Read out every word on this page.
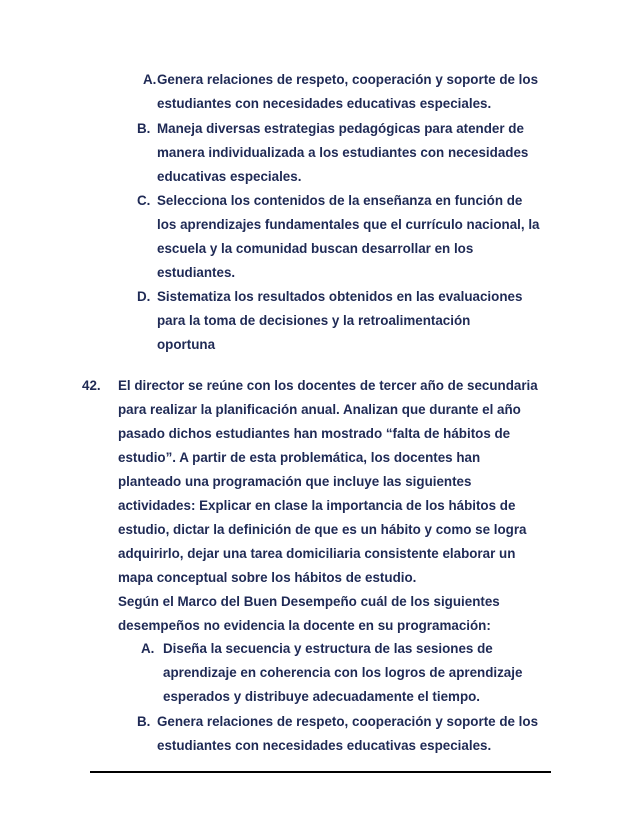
A. Genera relaciones de respeto, cooperación y soporte de los
estudiantes con necesidades educativas especiales.
B. Maneja diversas estrategias pedagógicas para atender de
manera individualizada a los estudiantes con necesidades
educativas especiales.
C. Selecciona los contenidos de la enseñanza en función de
los aprendizajes fundamentales que el currículo nacional, la
escuela y la comunidad buscan desarrollar en los
estudiantes.
D. Sistematiza los resultados obtenidos en las evaluaciones
para la toma de decisiones y la retroalimentación
oportuna
42. El director se reúne con los docentes de tercer año de secundaria
para realizar la planificación anual. Analizan que durante el año
pasado dichos estudiantes han mostrado “falta de hábitos de
estudio”. A partir de esta problemática, los docentes han
planteado una programación que incluye las siguientes
actividades: Explicar en clase la importancia de los hábitos de
estudio, dictar la definición de que es un hábito y como se logra
adquirirlo, dejar una tarea domiciliaria consistente elaborar un
mapa conceptual sobre los hábitos de estudio.
Según el Marco del Buen Desempeño cuál de los siguientes
desempeños no evidencia la docente en su programación:
A. Diseña la secuencia y estructura de las sesiones de
aprendizaje en coherencia con los logros de aprendizaje
esperados y distribuye adecuadamente el tiempo.
B. Genera relaciones de respeto, cooperación y soporte de los
estudiantes con necesidades educativas especiales.
